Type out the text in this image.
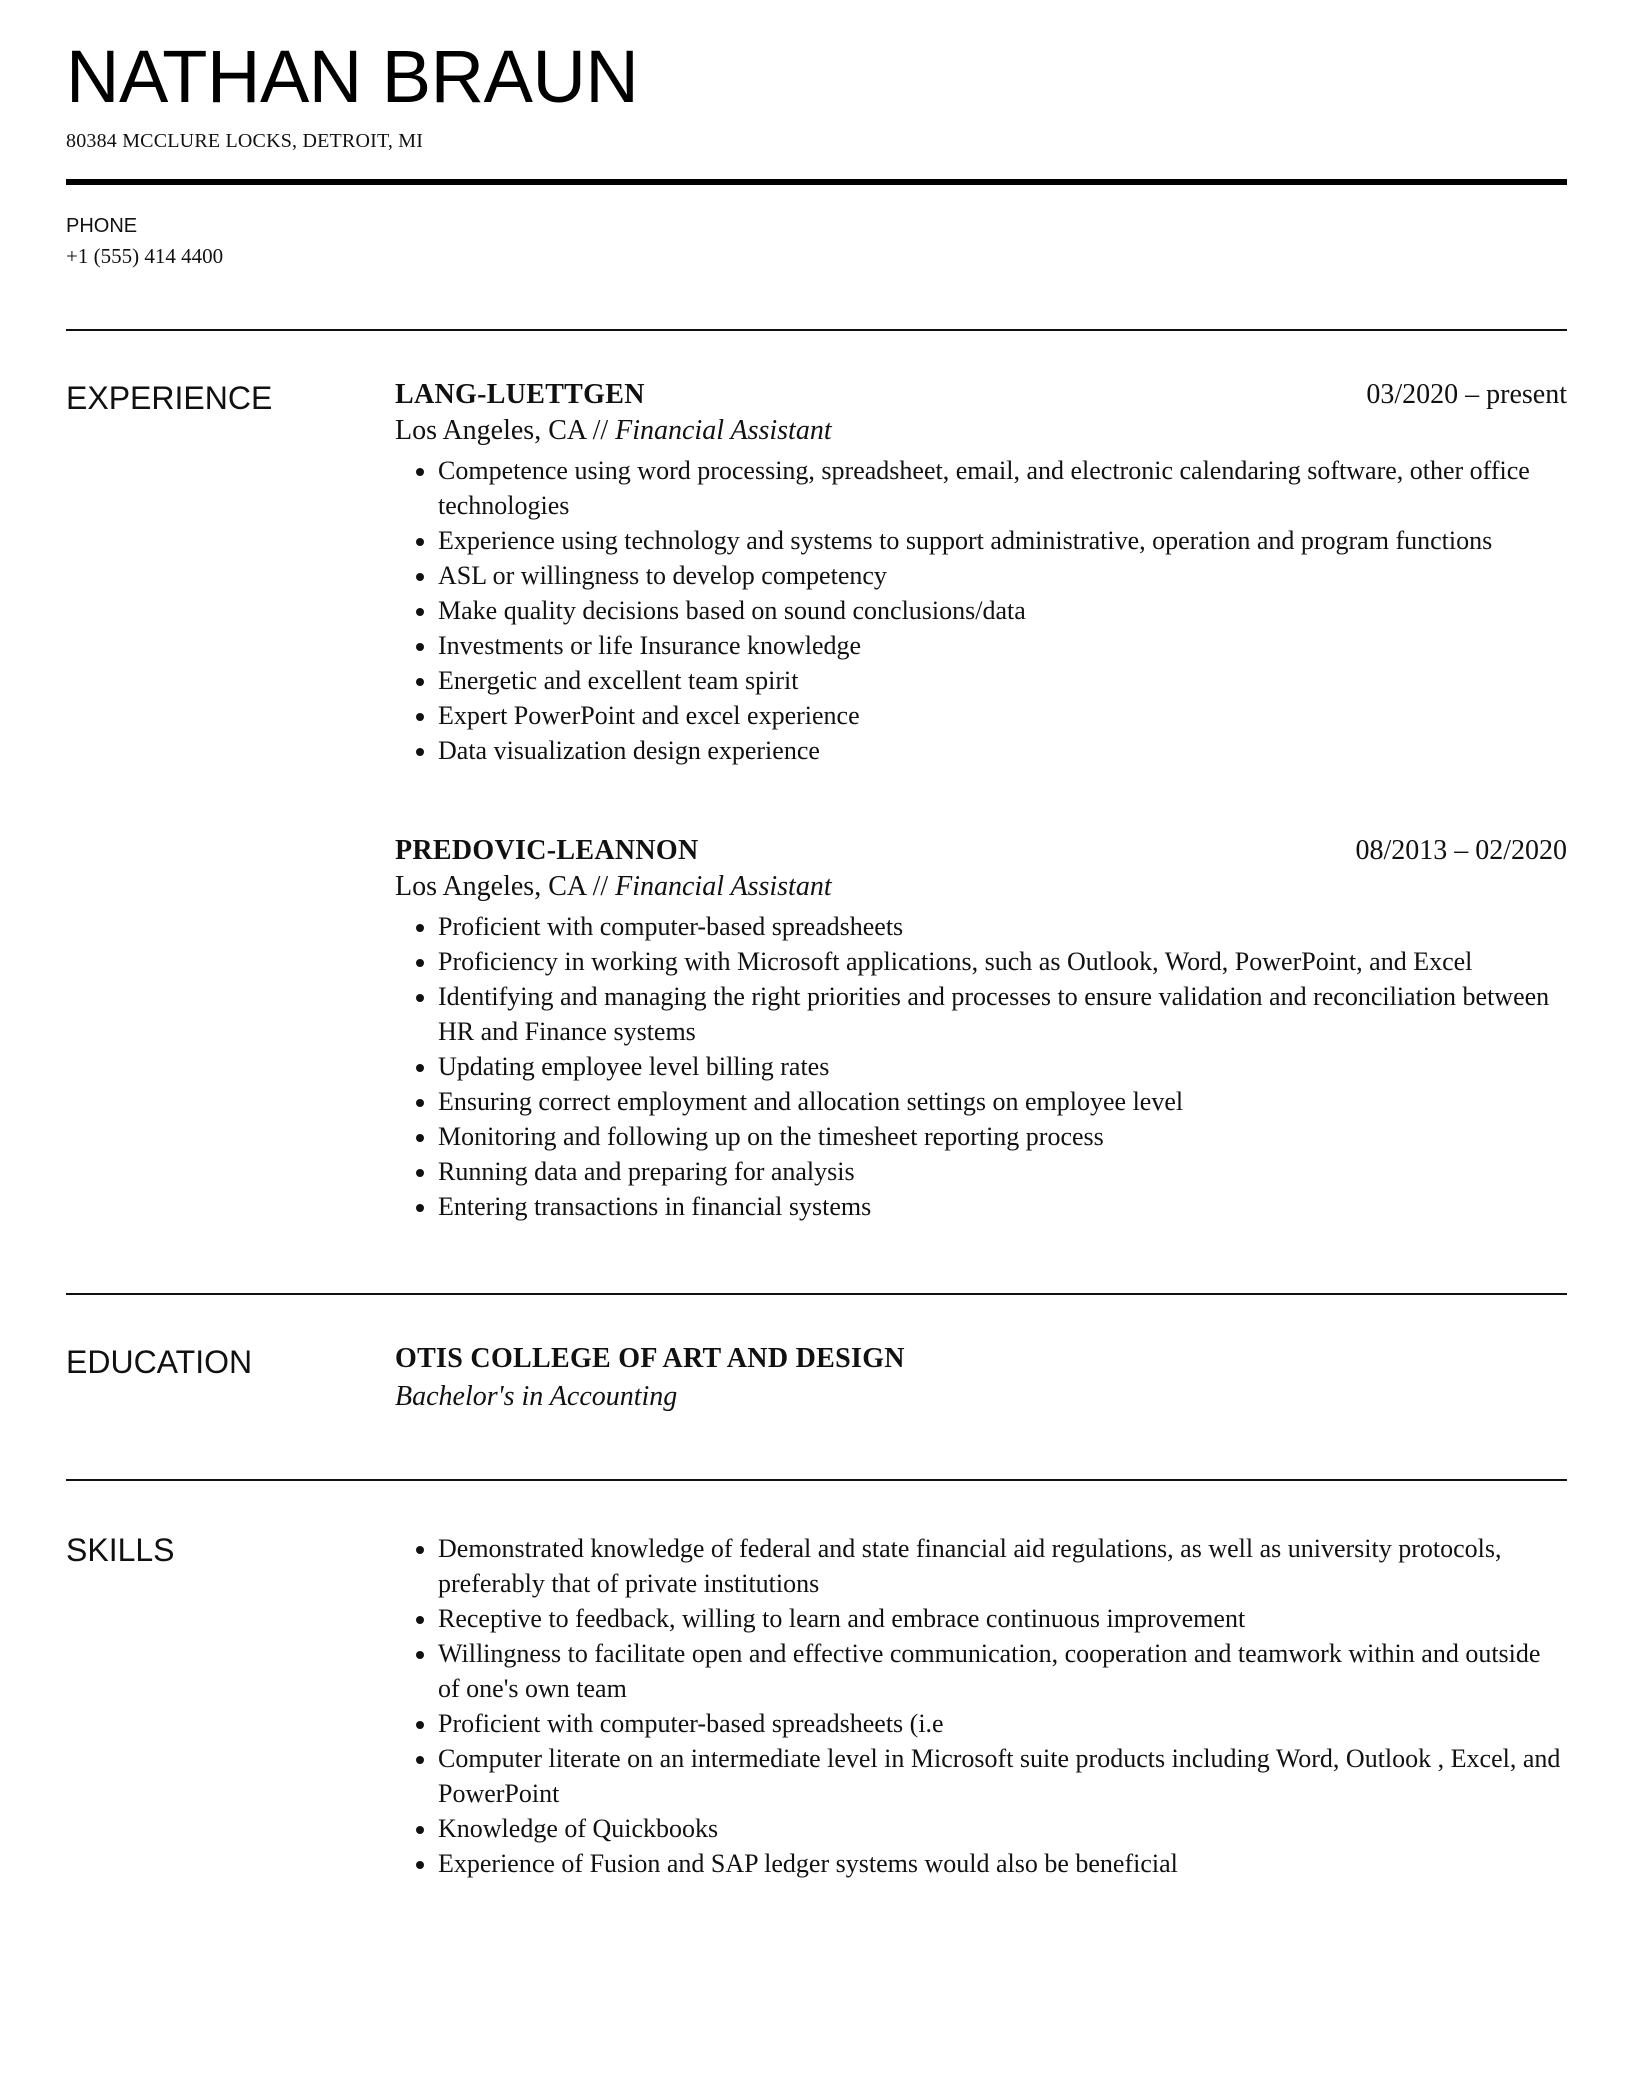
NATHAN BRAUN
80384 MCCLURE LOCKS, DETROIT, MI
PHONE
+1 (555) 414 4400
EXPERIENCE	LANG-LUETTGEN	03/2020 – present
Los Angeles, CA // Financial Assistant
• Competence using word processing, spreadsheet, email, and electronic calendaring software, other office technologies
• Experience using technology and systems to support administrative, operation and program functions
• ASL or willingness to develop competency
• Make quality decisions based on sound conclusions/data
• Investments or life Insurance knowledge
• Energetic and excellent team spirit
• Expert PowerPoint and excel experience
• Data visualization design experience
PREDOVIC-LEANNON	08/2013 – 02/2020
Los Angeles, CA // Financial Assistant
• Proficient with computer-based spreadsheets
• Proficiency in working with Microsoft applications, such as Outlook, Word, PowerPoint, and Excel
• Identifying and managing the right priorities and processes to ensure validation and reconciliation between HR and Finance systems
• Updating employee level billing rates
• Ensuring correct employment and allocation settings on employee level
• Monitoring and following up on the timesheet reporting process
• Running data and preparing for analysis
• Entering transactions in financial systems
EDUCATION	OTIS COLLEGE OF ART AND DESIGN
Bachelor's in Accounting
SKILLS
•	Demonstrated knowledge of federal and state financial aid regulations, as well as university protocols, preferably that of private institutions
• Receptive to feedback, willing to learn and embrace continuous improvement
• Willingness to facilitate open and effective communication, cooperation and teamwork within and outside of one's own team
• Proficient with computer-based spreadsheets (i.e
• Computer literate on an intermediate level in Microsoft suite products including Word, Outlook , Excel, and PowerPoint
• Knowledge of Quickbooks
• Experience of Fusion and SAP ledger systems would also be beneficial
